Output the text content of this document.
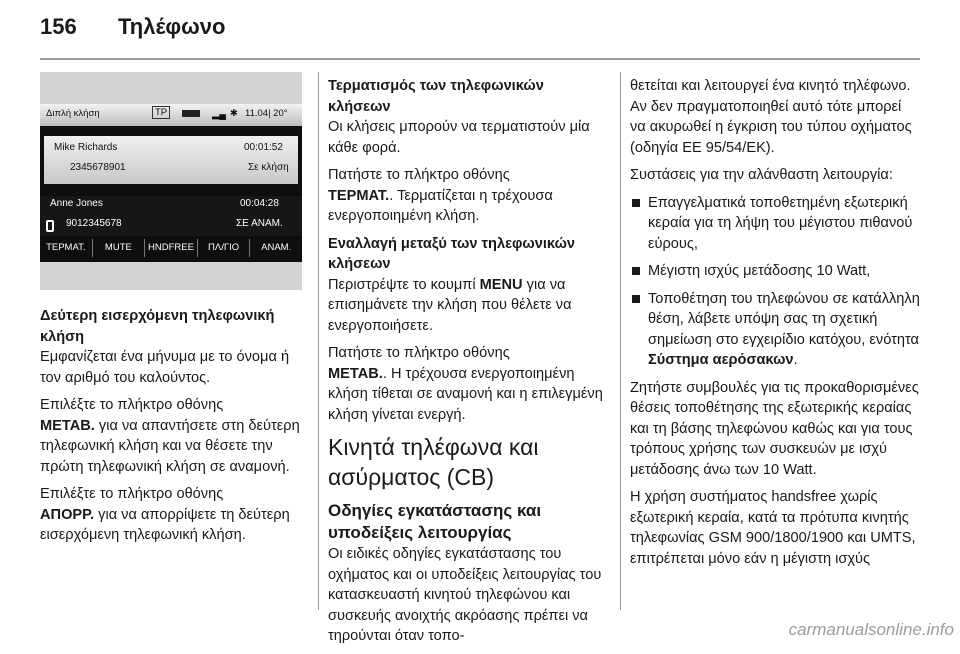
156 Τηλέφωνο
Διπλή κλήση	TP	▂▄ ✱ 11.04| 20°
Mike Richards	00:01:52
2345678901	Σε κλήση
Anne Jones	00:04:28
9012345678	ΣΕ ΑΝΑΜ.
ΤΕΡΜΑΤ.	MUTE	HNDFREE	ΠΛ/ΓΙΟ	ΑΝΑΜ.
Δεύτερη εισερχόμενη τηλεφωνική κλήση

Εμφανίζεται ένα μήνυμα με το όνομα ή τον αριθμό του καλούντος.

Επιλέξτε το πλήκτρο οθόνης
ΜΕΤΑΒ. για να απαντήσετε στη δεύτερη τηλεφωνική κλήση και να θέσετε την πρώτη τηλεφωνική κλήση σε αναμονή.

Επιλέξτε το πλήκτρο οθόνης
ΑΠΟΡΡ. για να απορρίψετε τη δεύτερη εισερχόμενη τηλεφωνική κλήση.

Τερματισμός των τηλεφωνικών κλήσεων

Οι κλήσεις μπορούν να τερματιστούν μία κάθε φορά.

Πατήστε το πλήκτρο οθόνης
ΤΕΡΜΑΤ.. Τερματίζεται η τρέχουσα ενεργοποιημένη κλήση.

Εναλλαγή μεταξύ των τηλεφωνικών κλήσεων

Περιστρέψτε το κουμπί MENU για να επισημάνετε την κλήση που θέλετε να ενεργοποιήσετε.

Πατήστε το πλήκτρο οθόνης
ΜΕΤΑΒ.. Η τρέχουσα ενεργοποιημένη κλήση τίθεται σε αναμονή και η επιλεγμένη κλήση γίνεται ενεργή.

Κινητά τηλέφωνα και ασύρματος (CB)

Οδηγίες εγκατάστασης και υποδείξεις λειτουργίας

Οι ειδικές οδηγίες εγκατάστασης του οχήματος και οι υποδείξεις λειτουργίας του κατασκευαστή κινητού τηλεφώνου και συσκευής ανοιχτής ακρόασης πρέπει να τηρούνται όταν τοπο-

θετείται και λειτουργεί ένα κινητό τηλέφωνο. Αν δεν πραγματοποιηθεί αυτό τότε μπορεί να ακυρωθεί η έγκριση του τύπου οχήματος (οδηγία ΕΕ 95/54/ΕΚ).

Συστάσεις για την αλάνθαστη λειτουργία:

Επαγγελματικά τοποθετημένη εξωτερική κεραία για τη λήψη του μέγιστου πιθανού εύρους,
Μέγιστη ισχύς μετάδοσης 10 Watt,
Τοποθέτηση του τηλεφώνου σε κατάλληλη θέση, λάβετε υπόψη σας τη σχετική σημείωση στο εγχειρίδιο κατόχου, ενότητα Σύστημα αερόσακων.

Ζητήστε συμβουλές για τις προκαθορισμένες θέσεις τοποθέτησης της εξωτερικής κεραίας και τη βάσης τηλεφώνου καθώς και για τους τρόπους χρήσης των συσκευών με ισχύ μετάδοσης άνω των 10 Watt.

Η χρήση συστήματος handsfree χωρίς εξωτερική κεραία, κατά τα πρότυπα κινητής τηλεφωνίας GSM 900/1800/1900 και UMTS, επιτρέπεται μόνο εάν η μέγιστη ισχύς

carmanualsonline.info
